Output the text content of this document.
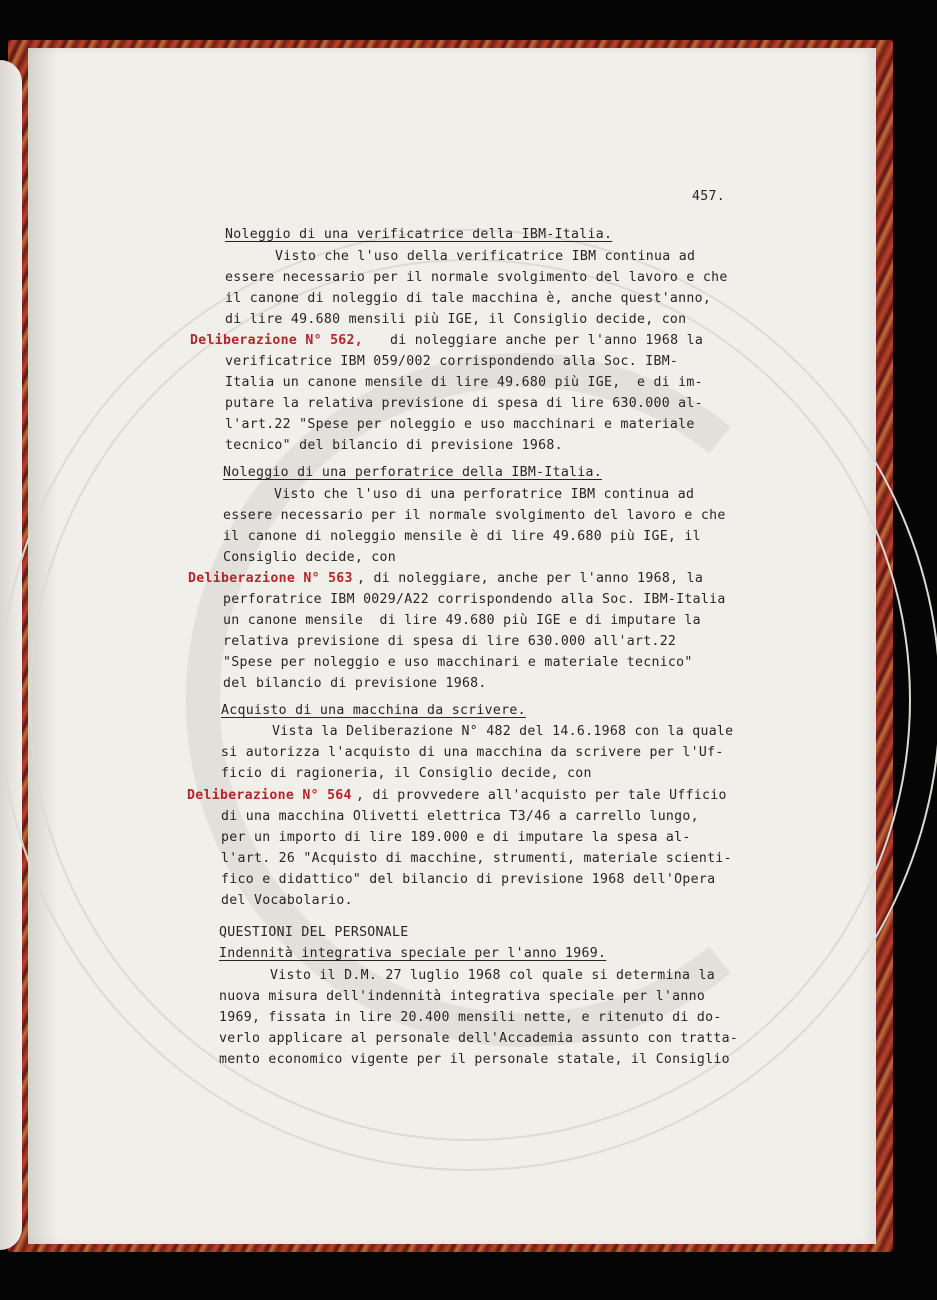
457.

Noleggio di una verificatrice della IBM-Italia.

Visto che l'uso della verificatrice IBM continua ad

essere necessario per il normale svolgimento del lavoro e che

il canone di noleggio di tale macchina è, anche quest'anno,

di lire 49.680 mensili più IGE, il Consiglio decide, con

Deliberazione N° 562, di noleggiare anche per l'anno 1968 la

verificatrice IBM 059/002 corrispondendo alla Soc. IBM-

Italia un canone mensile di lire 49.680 più IGE,  e di im-

putare la relativa previsione di spesa di lire 630.000 al-

l'art.22 "Spese per noleggio e uso macchinari e materiale

tecnico" del bilancio di previsione 1968.

Noleggio di una perforatrice della IBM-Italia.

Visto che l'uso di una perforatrice IBM continua ad

essere necessario per il normale svolgimento del lavoro e che

il canone di noleggio mensile è di lire 49.680 più IGE, il

Consiglio decide, con

Deliberazione N° 563 , di noleggiare, anche per l'anno 1968, la

perforatrice IBM 0029/A22 corrispondendo alla Soc. IBM-Italia

un canone mensile  di lire 49.680 più IGE e di imputare la

relativa previsione di spesa di lire 630.000 all'art.22

"Spese per noleggio e uso macchinari e materiale tecnico"

del bilancio di previsione 1968.

Acquisto di una macchina da scrivere.

Vista la Deliberazione N° 482 del 14.6.1968 con la quale

si autorizza l'acquisto di una macchina da scrivere per l'Uf-

ficio di ragioneria, il Consiglio decide, con

Deliberazione N° 564 , di provvedere all'acquisto per tale Ufficio

di una macchina Olivetti elettrica T3/46 a carrello lungo,

per un importo di lire 189.000 e di imputare la spesa al-

l'art. 26 "Acquisto di macchine, strumenti, materiale scienti-

fico e didattico" del bilancio di previsione 1968 dell'Opera

del Vocabolario.

QUESTIONI DEL PERSONALE

Indennità integrativa speciale per l'anno 1969.

Visto il D.M. 27 luglio 1968 col quale si determina la

nuova misura dell'indennità integrativa speciale per l'anno

1969, fissata in lire 20.400 mensili nette, e ritenuto di do-

verlo applicare al personale dell'Accademia assunto con tratta-

mento economico vigente per il personale statale, il Consiglio
